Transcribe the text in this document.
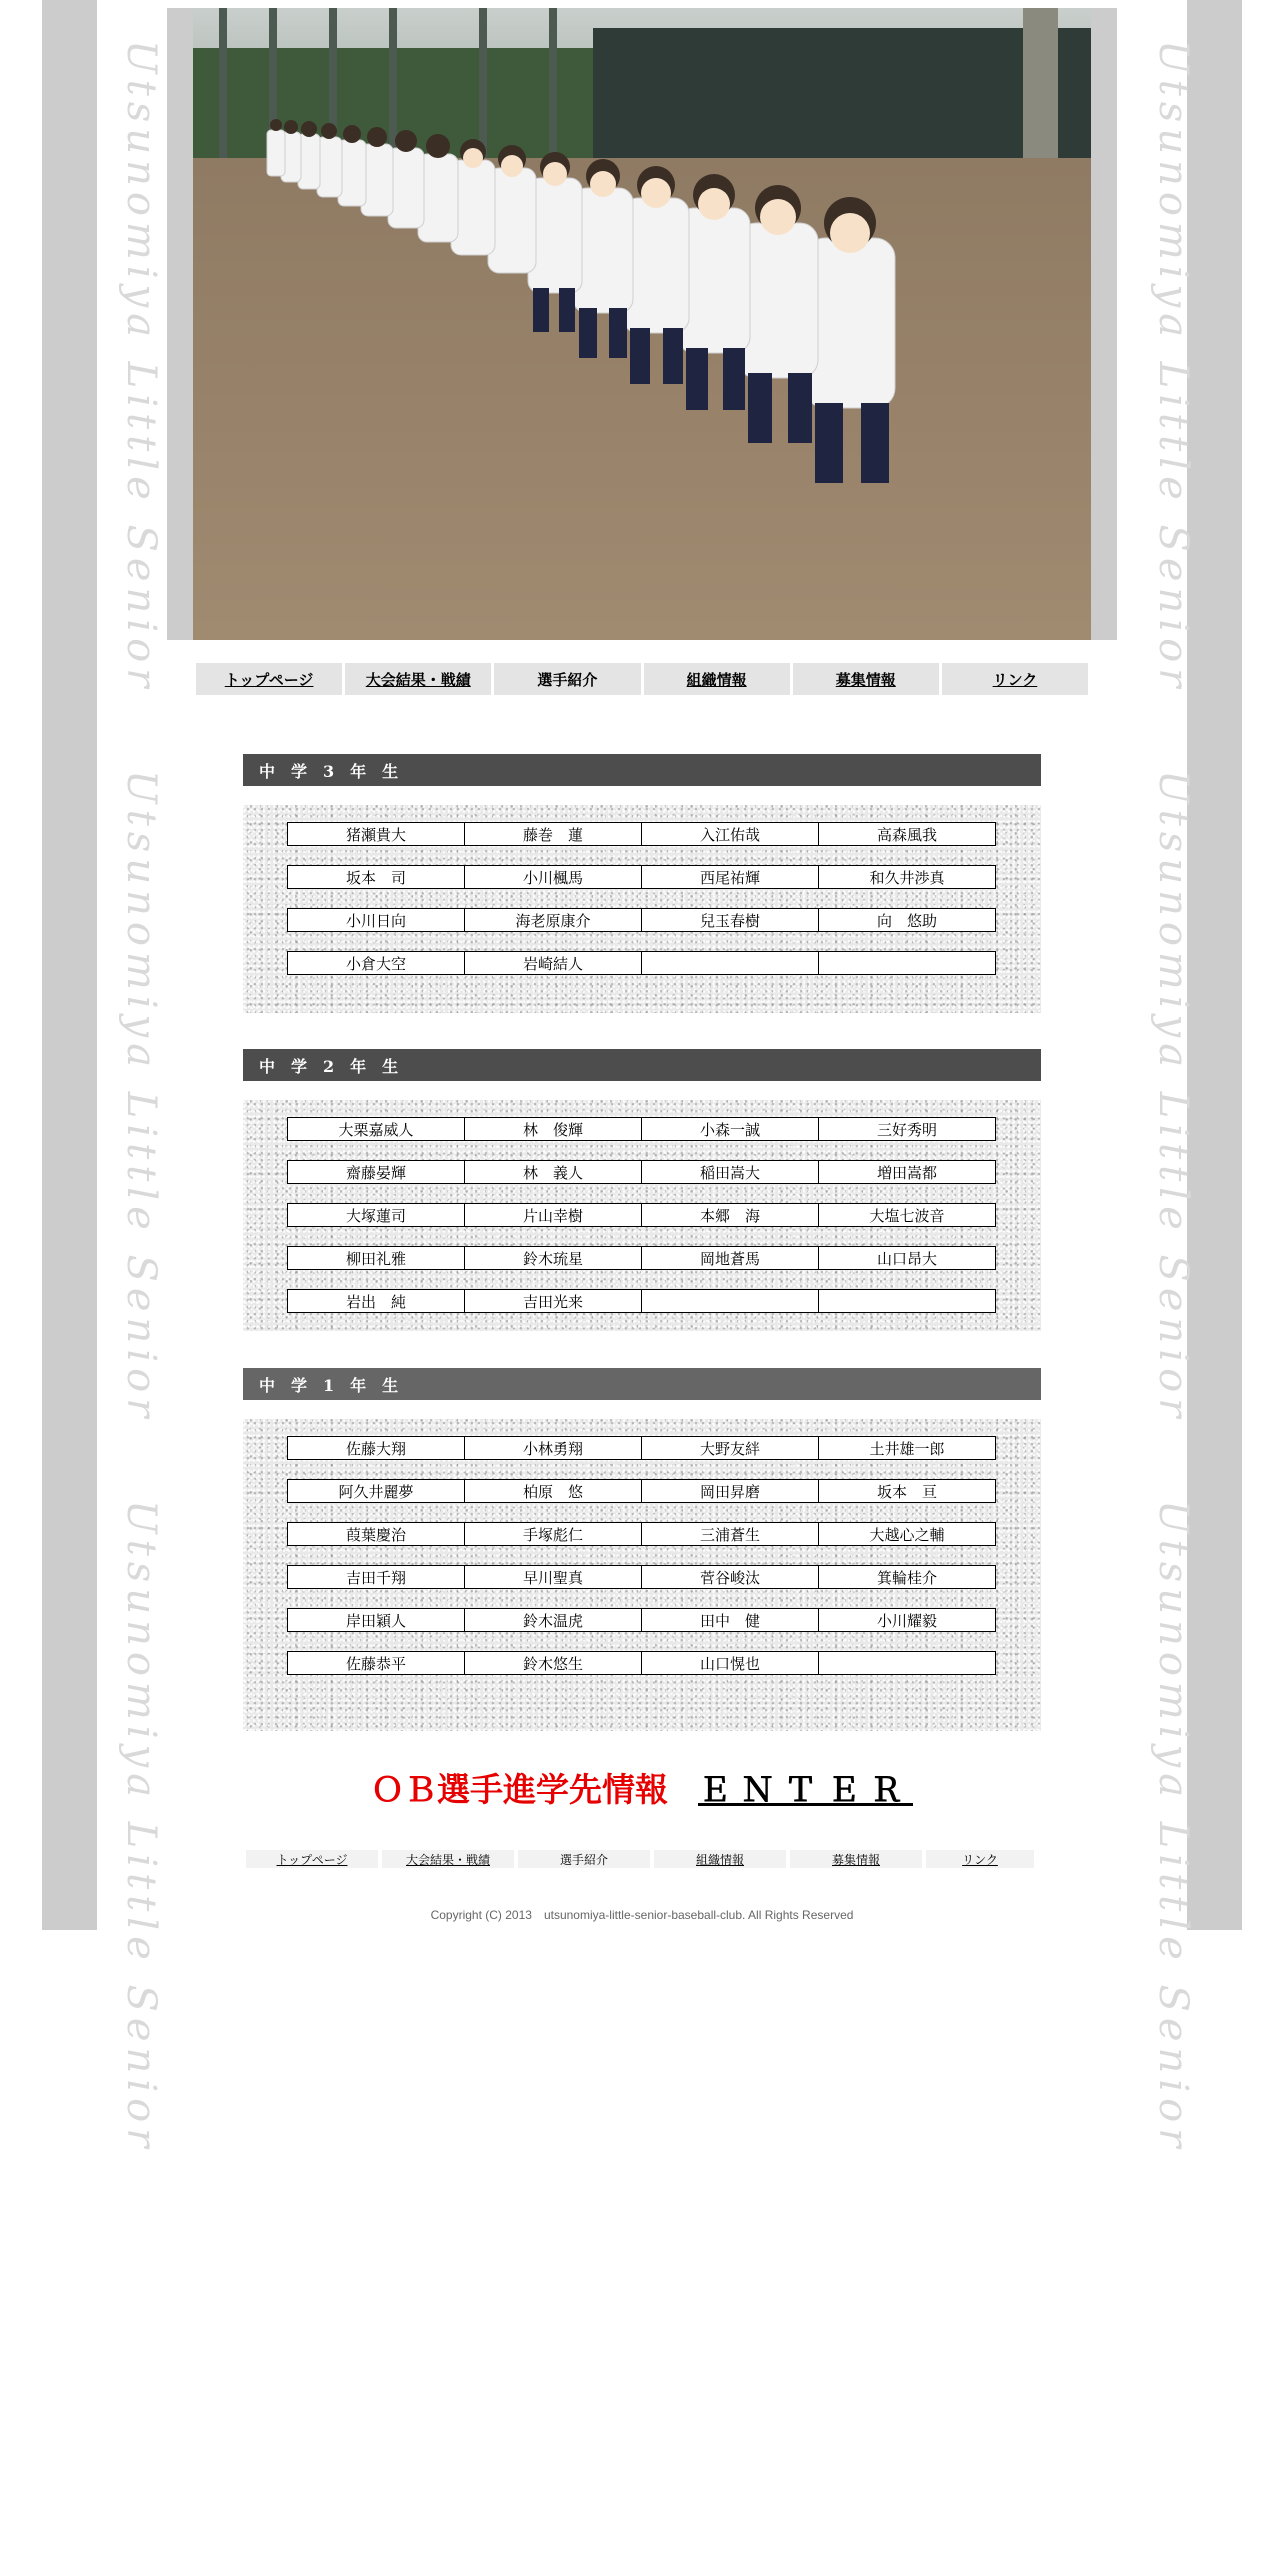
Utsunomiya Little Senior
Utsunomiya Little Senior
Utsunomiya Little Senior
Utsunomiya Little Senior
Utsunomiya Little Senior
Utsunomiya Little Senior
トップページ	大会結果・戦績	選手紹介	組織情報	募集情報	リンク
中　学　3　年　生
猪瀬貴大	藤巻　蓮	入江佑哉	高森風我
坂本　司	小川楓馬	西尾祐輝	和久井渉真
小川日向	海老原康介	兒玉春樹	向　悠助
小倉大空	岩崎結人
中　学　2　年　生
大栗嘉威人	林　俊輝	小森一誠	三好秀明
齋藤晏輝	林　義人	稲田嵩大	増田嵩都
大塚蓮司	片山幸樹	本郷　海	大塩七波音
柳田礼雅	鈴木琉星	岡地蒼馬	山口昂大
岩出　純	吉田光来
中　学　1　年　生
佐藤大翔	小林勇翔	大野友絆	土井雄一郎
阿久井麗夢	柏原　悠	岡田昇磨	坂本　亘
葭葉慶治	手塚彪仁	三浦蒼生	大越心之輔
吉田千翔	早川聖真	菅谷峻汰	箕輪桂介
岸田穎人	鈴木温虎	田中　健	小川耀毅
佐藤恭平	鈴木悠生	山口愰也
ＯＢ選手進学先情報 ＥＮＴＥＲ
トップページ	大会結果・戦績	選手紹介	組織情報	募集情報	リンク
Copyright (C) 2013　utsunomiya-little-senior-baseball-club. All Rights Reserved
